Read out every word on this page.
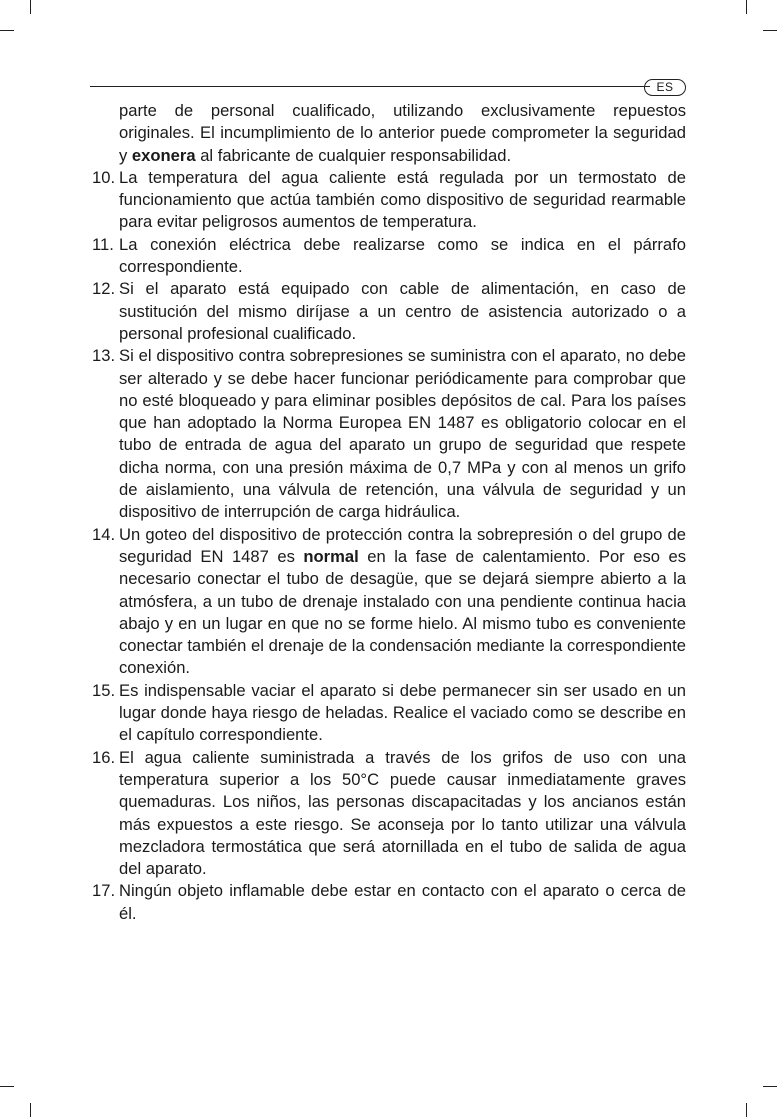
ES

parte de personal cualificado, utilizando exclusivamente repuestos originales. El incumplimiento de lo anterior puede comprometer la seguridad y exonera al fabricante de cualquier responsabilidad.

10. La temperatura del agua caliente está regulada por un termostato de funcionamiento que actúa también como dispositivo de seguridad rearmable para evitar peligrosos aumentos de temperatura.
11. La conexión eléctrica debe realizarse como se indica en el párrafo correspondiente.
12. Si el aparato está equipado con cable de alimentación, en caso de sustitución del mismo diríjase a un centro de asistencia autorizado o a personal profesional cualificado.
13. Si el dispositivo contra sobrepresiones se suministra con el aparato, no debe ser alterado y se debe hacer funcionar periódicamente para comprobar que no esté bloqueado y para eliminar posibles depósitos de cal. Para los países que han adoptado la Norma Europea EN 1487 es obligatorio colocar en el tubo de entrada de agua del aparato un grupo de seguridad que respete dicha norma, con una presión máxima de 0,7 MPa y con al menos un grifo de aislamiento, una válvula de retención, una válvula de seguridad y un dispositivo de interrupción de carga hidráulica.
14. Un goteo del dispositivo de protección contra la sobrepresión o del grupo de seguridad EN 1487 es normal en la fase de calentamiento. Por eso es necesario conectar el tubo de desagüe, que se dejará siempre abierto a la atmósfera, a un tubo de drenaje instalado con una pendiente continua hacia abajo y en un lugar en que no se forme hielo. Al mismo tubo es conveniente conectar también el drenaje de la condensación mediante la correspondiente conexión.
15. Es indispensable vaciar el aparato si debe permanecer sin ser usado en un lugar donde haya riesgo de heladas. Realice el vaciado como se describe en el capítulo correspondiente.
16. El agua caliente suministrada a través de los grifos de uso con una temperatura superior a los 50°C puede causar inmediatamente graves quemaduras. Los niños, las personas discapacitadas y los ancianos están más expuestos a este riesgo. Se aconseja por lo tanto utilizar una válvula mezcladora termostática que será atornillada en el tubo de salida de agua del aparato.
17. Ningún objeto inflamable debe estar en contacto con el aparato o cerca de él.
